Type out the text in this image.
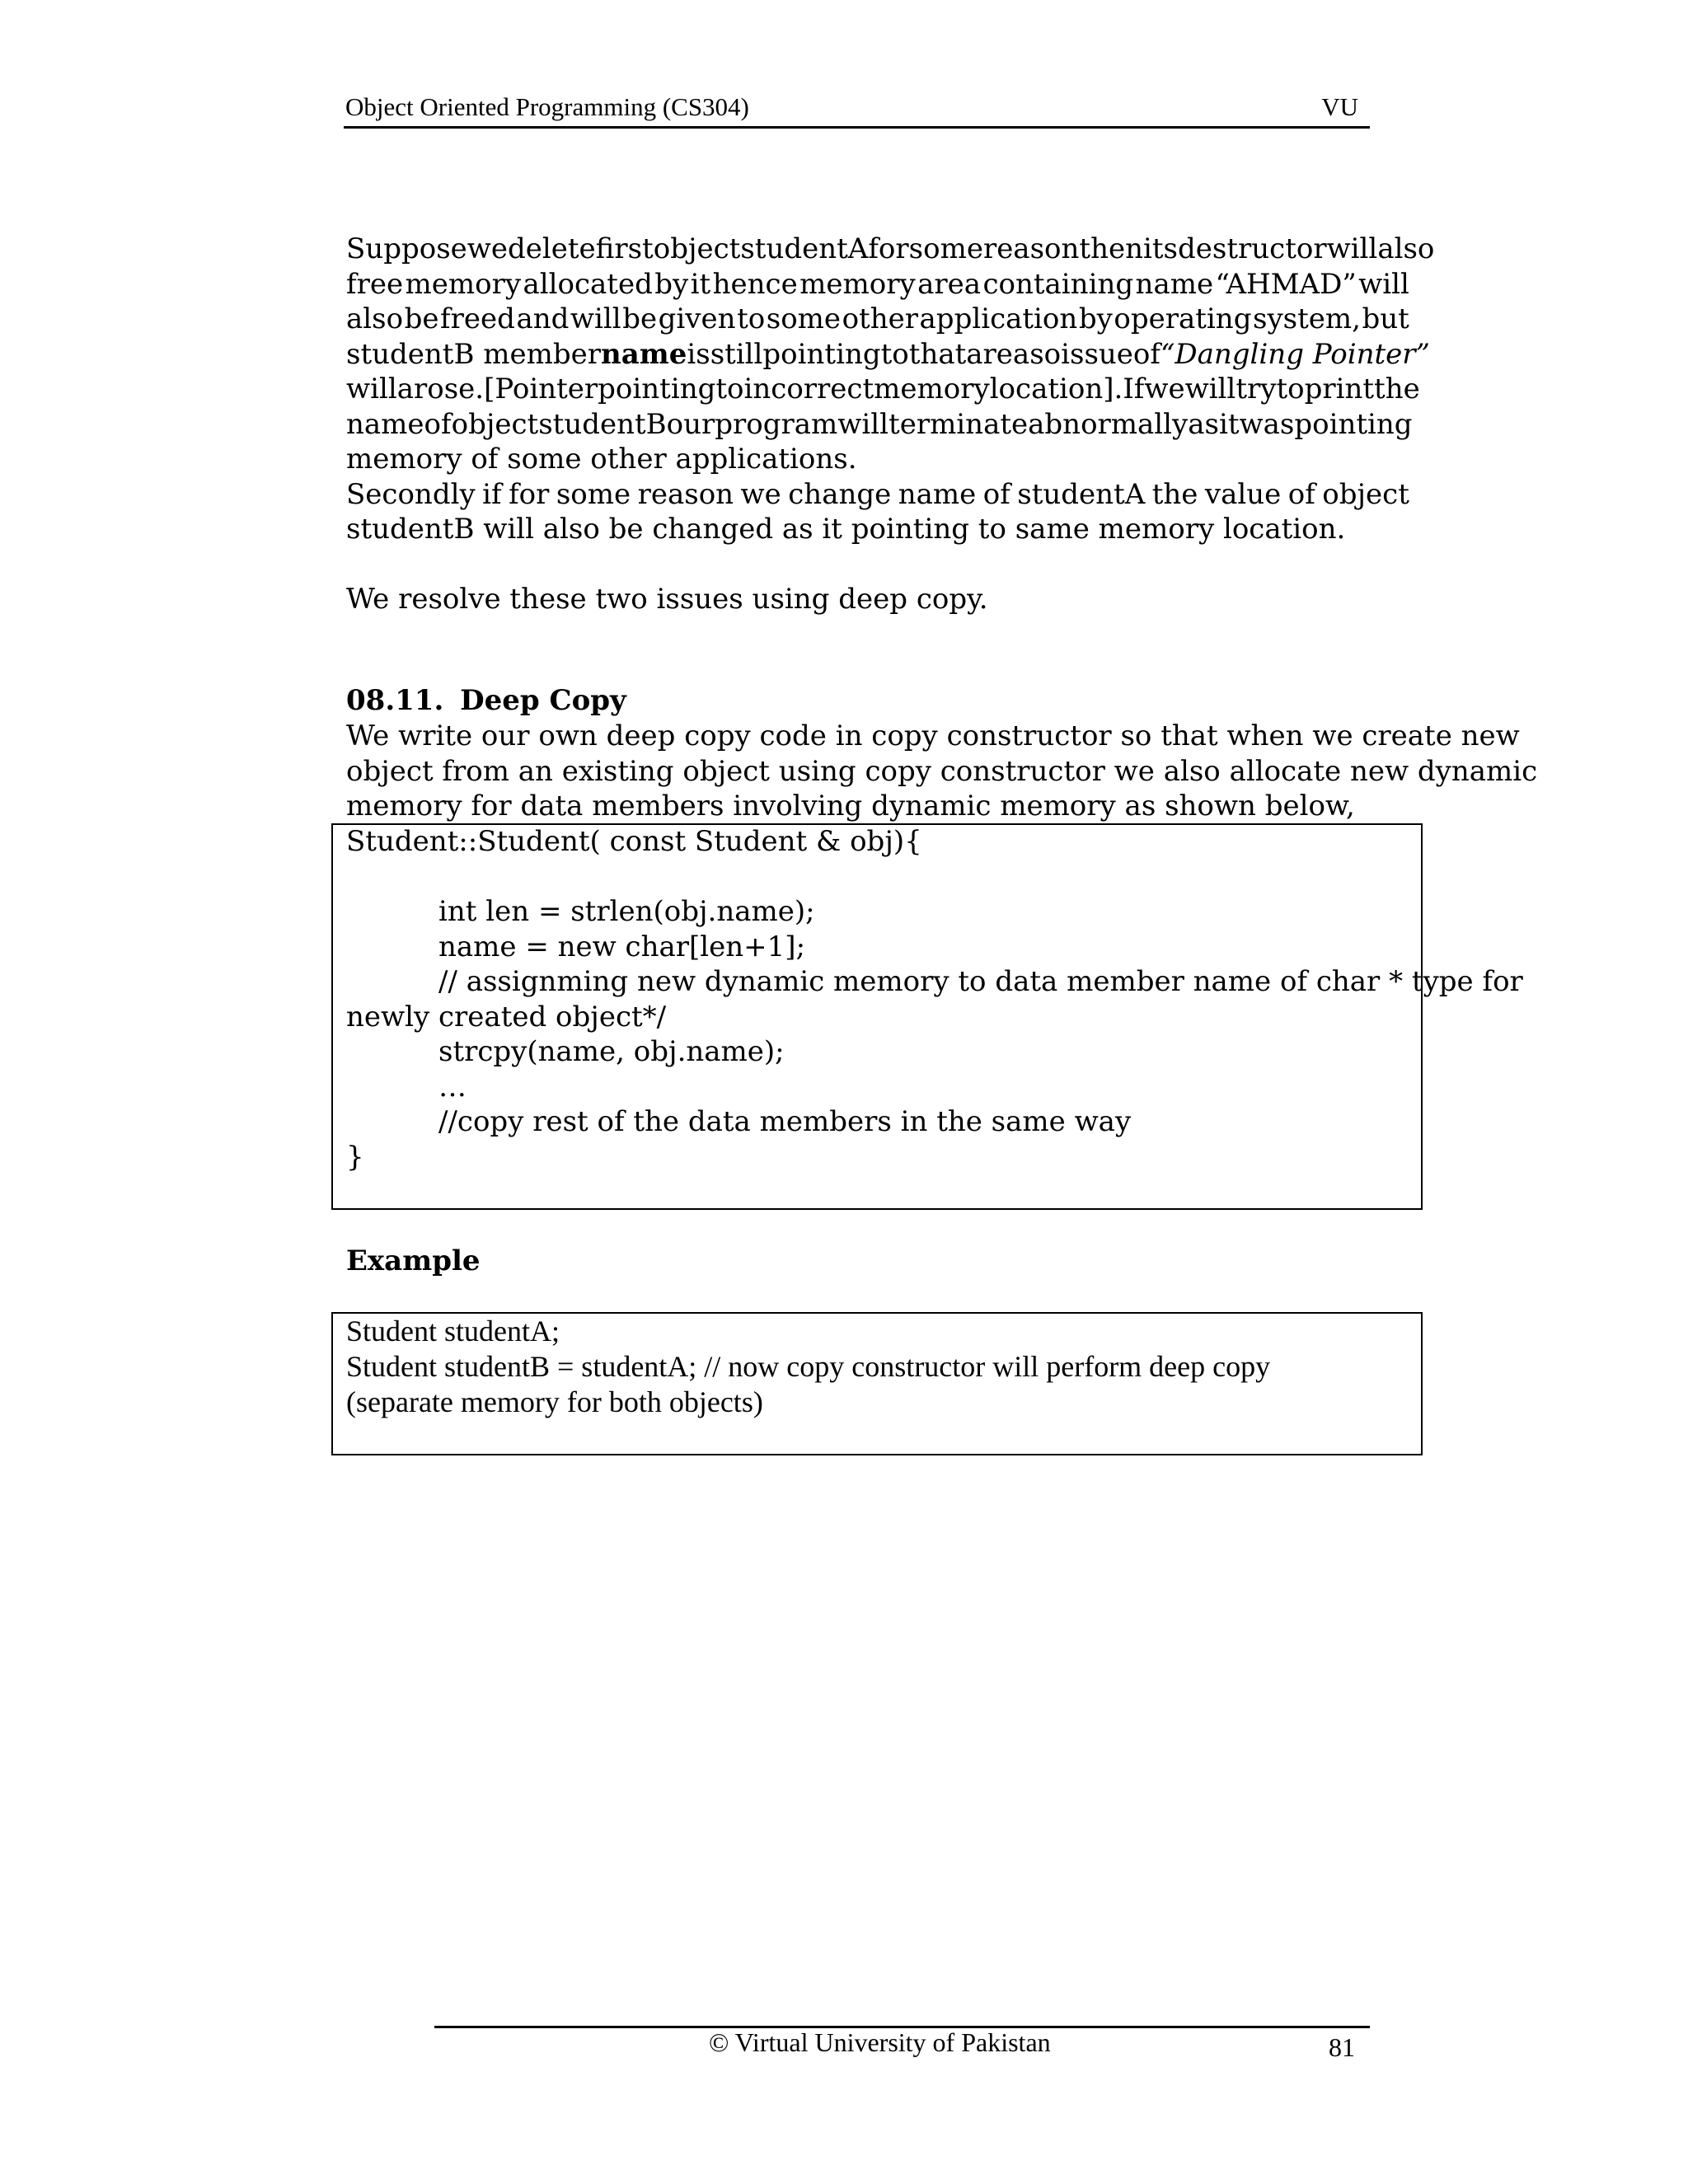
Object Oriented Programming (CS304)	VU
Suppose we delete first object studentA for some reason then its destructor will also
free memory allocated by it hence memory area containing name “AHMAD” will
also be freed and will be given to some other application by operating system, but
studentB member name is still pointing to that area so issue of “Dangling Pointer”
will arose. [Pointer pointing to incorrect memory location]. If we will try to print the
name of object studentB our program will terminate abnormally as it was pointing
memory of some other applications.
Secondly if for some reason we change name of studentA the value of object
studentB will also be changed as it pointing to same memory location.
We resolve these two issues using deep copy.
08.11. Deep Copy
We write our own deep copy code in copy constructor so that when we create new
object from an existing object using copy constructor we also allocate new dynamic
memory for data members involving dynamic memory as shown below,
Student::Student( const Student & obj){
int len = strlen(obj.name);
name = new char[len+1];
// assignming new dynamic memory to data member name of char * type for
newly created object*/
strcpy(name, obj.name);
…
//copy rest of the data members in the same way
}
Example
Student studentA;
Student studentB = studentA; // now copy constructor will perform deep copy
(separate memory for both objects)
© Virtual University of Pakistan	81
